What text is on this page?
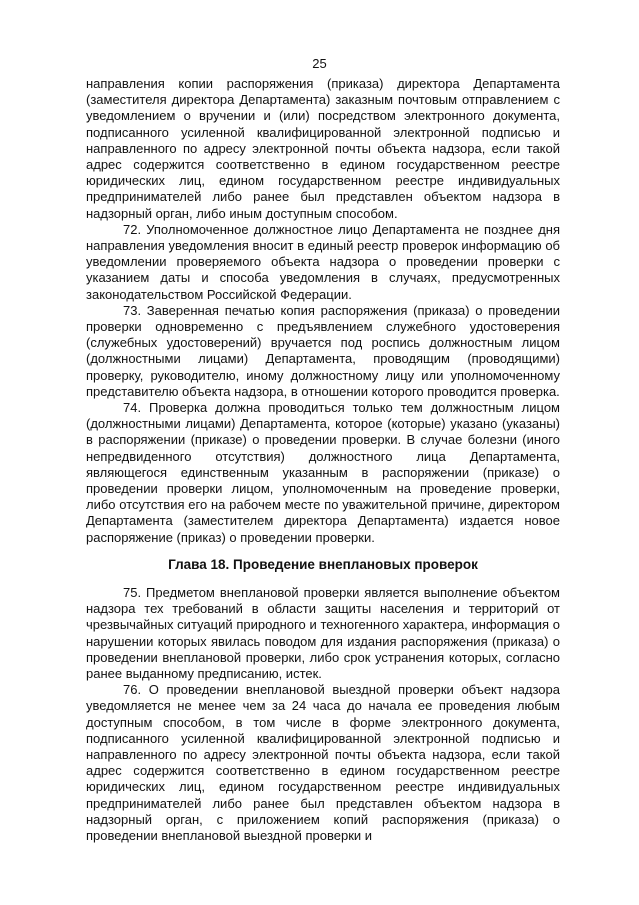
25

направления копии распоряжения (приказа) директора Департамента (заместителя директора Департамента) заказным почтовым отправлением с уведомлением о вручении и (или) посредством электронного документа, подписанного усиленной квалифицированной электронной подписью и направленного по адресу электронной почты объекта надзора, если такой адрес содержится соответственно в едином государственном реестре юридических лиц, едином государственном реестре индивидуальных предпринимателей либо ранее был представлен объектом надзора в надзорный орган, либо иным доступным способом.

72. Уполномоченное должностное лицо Департамента не позднее дня направления уведомления вносит в единый реестр проверок информацию об уведомлении проверяемого объекта надзора о проведении проверки с указанием даты и способа уведомления в случаях, предусмотренных законодательством Российской Федерации.

73. Заверенная печатью копия распоряжения (приказа) о проведении проверки одновременно с предъявлением служебного удостоверения (служебных удостоверений) вручается под роспись должностным лицом (должностными лицами) Департамента, проводящим (проводящими) проверку, руководителю, иному должностному лицу или уполномоченному представителю объекта надзора, в отношении которого проводится проверка.

74. Проверка должна проводиться только тем должностным лицом (должностными лицами) Департамента, которое (которые) указано (указаны) в распоряжении (приказе) о проведении проверки. В случае болезни (иного непредвиденного отсутствия) должностного лица Департамента, являющегося единственным указанным в распоряжении (приказе) о проведении проверки лицом, уполномоченным на проведение проверки, либо отсутствия его на рабочем месте по уважительной причине, директором Департамента (заместителем директора Департамента) издается новое распоряжение (приказ) о проведении проверки.

Глава 18. Проведение внеплановых проверок

75. Предметом внеплановой проверки является выполнение объектом надзора тех требований в области защиты населения и территорий от чрезвычайных ситуаций природного и техногенного характера, информация о нарушении которых явилась поводом для издания распоряжения (приказа) о проведении внеплановой проверки, либо срок устранения которых, согласно ранее выданному предписанию, истек.

76. О проведении внеплановой выездной проверки объект надзора уведомляется не менее чем за 24 часа до начала ее проведения любым доступным способом, в том числе в форме электронного документа, подписанного усиленной квалифицированной электронной подписью и направленного по адресу электронной почты объекта надзора, если такой адрес содержится соответственно в едином государственном реестре юридических лиц, едином государственном реестре индивидуальных предпринимателей либо ранее был представлен объектом надзора в надзорный орган, с приложением копий распоряжения (приказа) о проведении внеплановой выездной проверки и
